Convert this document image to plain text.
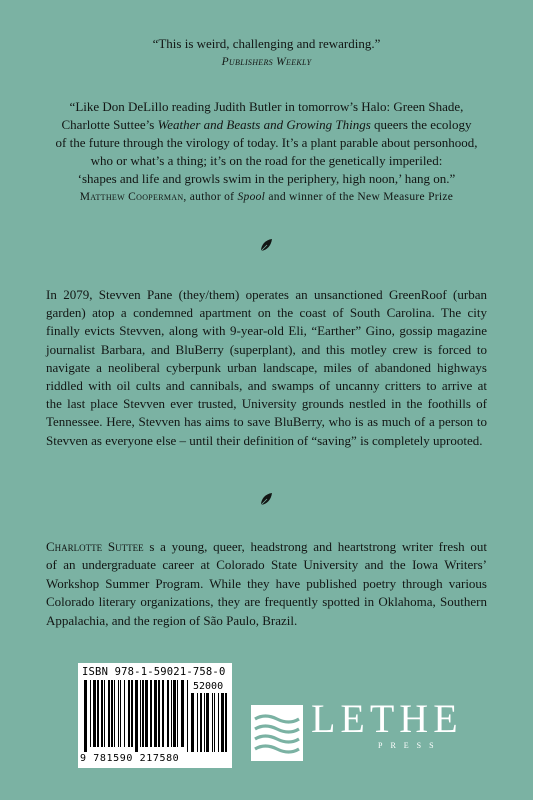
“This is weird, challenging and rewarding.”
Publishers Weekly
“Like Don DeLillo reading Judith Butler in tomorrow’s Halo: Green Shade,
Charlotte Suttee’s Weather and Beasts and Growing Things queers the ecology
of the future through the virology of today. It’s a plant parable about personhood,
who or what’s a thing; it’s on the road for the genetically imperiled:
‘shapes and life and growls swim in the periphery, high noon,’ hang on.”
Matthew Cooperman, author of Spool and winner of the New Measure Prize
In 2079, Stevven Pane (they/them) operates an unsanctioned GreenRoof (urban
garden) atop a condemned apartment on the coast of South Carolina. The city
finally evicts Stevven, along with 9-year-old Eli, “Earther” Gino, gossip magazine
journalist Barbara, and BluBerry (superplant), and this motley crew is forced to
navigate a neoliberal cyberpunk urban landscape, miles of abandoned highways
riddled with oil cults and cannibals, and swamps of uncanny critters to arrive at
the last place Stevven ever trusted, University grounds nestled in the foothills of
Tennessee. Here, Stevven has aims to save BluBerry, who is as much of a person to
Stevven as everyone else – until their definition of “saving” is completely uprooted.
Charlotte Suttee s a young, queer, headstrong and heartstrong writer fresh out
of an undergraduate career at Colorado State University and the Iowa Writers’
Workshop Summer Program. While they have published poetry through various
Colorado literary organizations, they are frequently spotted in Oklahoma, Southern
Appalachia, and the region of São Paulo, Brazil.
ISBN 978-1-59021-758-0
52000
9 781590 217580
LETHE
PRESS
